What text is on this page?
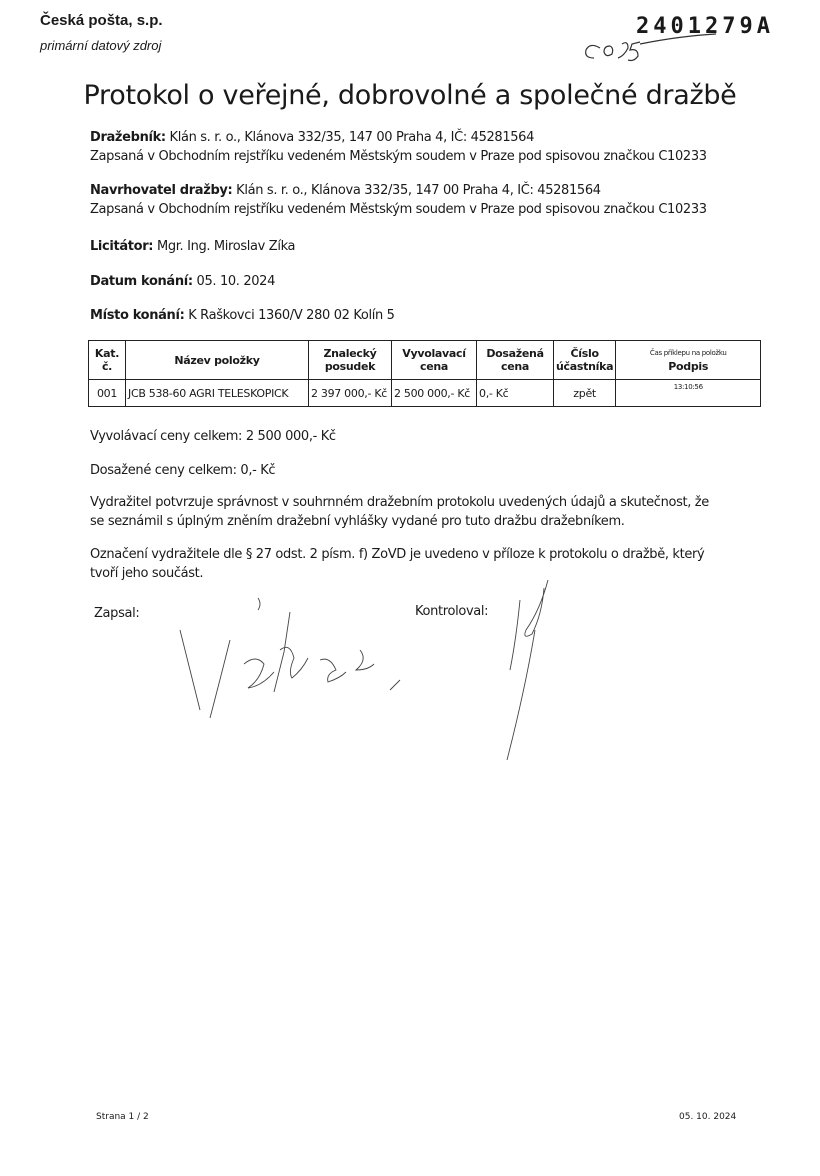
Česká pošta, s.p.
primární datový zdroj
2401279A
Protokol o veřejné, dobrovolné a společné dražbě
Dražebník: Klán s. r. o., Klánova 332/35, 147 00 Praha 4, IČ: 45281564
Zapsaná v Obchodním rejstříku vedeném Městským soudem v Praze pod spisovou značkou C10233
Navrhovatel dražby: Klán s. r. o., Klánova 332/35, 147 00 Praha 4, IČ: 45281564
Zapsaná v Obchodním rejstříku vedeném Městským soudem v Praze pod spisovou značkou C10233
Licitátor: Mgr. Ing. Miroslav Zíka
Datum konání: 05. 10. 2024
Místo konání: K Raškovci 1360/V 280 02 Kolín 5
Kat. č.	Název položky	Znalecký posudek	Vyvolavací cena	Dosažená cena	Číslo účastníka	Čas příklepu na položku
Podpis
001	JCB 538-60 AGRI TELESKOPICK	2 397 000,- Kč	2 500 000,- Kč	0,- Kč	zpět	13:10:56
Vyvolávací ceny celkem: 2 500 000,- Kč
Dosažené ceny celkem: 0,- Kč
Vydražitel potvrzuje správnost v souhrnném dražebním protokolu uvedených údajů a skutečnost, že
se seznámil s úplným zněním dražební vyhlášky vydané pro tuto dražbu dražebníkem.
Označení vydražitele dle § 27 odst. 2 písm. f) ZoVD je uvedeno v příloze k protokolu o dražbě, který
tvoří jeho součást.
Zapsal:	Kontroloval:
Strana 1 / 2	05. 10. 2024
